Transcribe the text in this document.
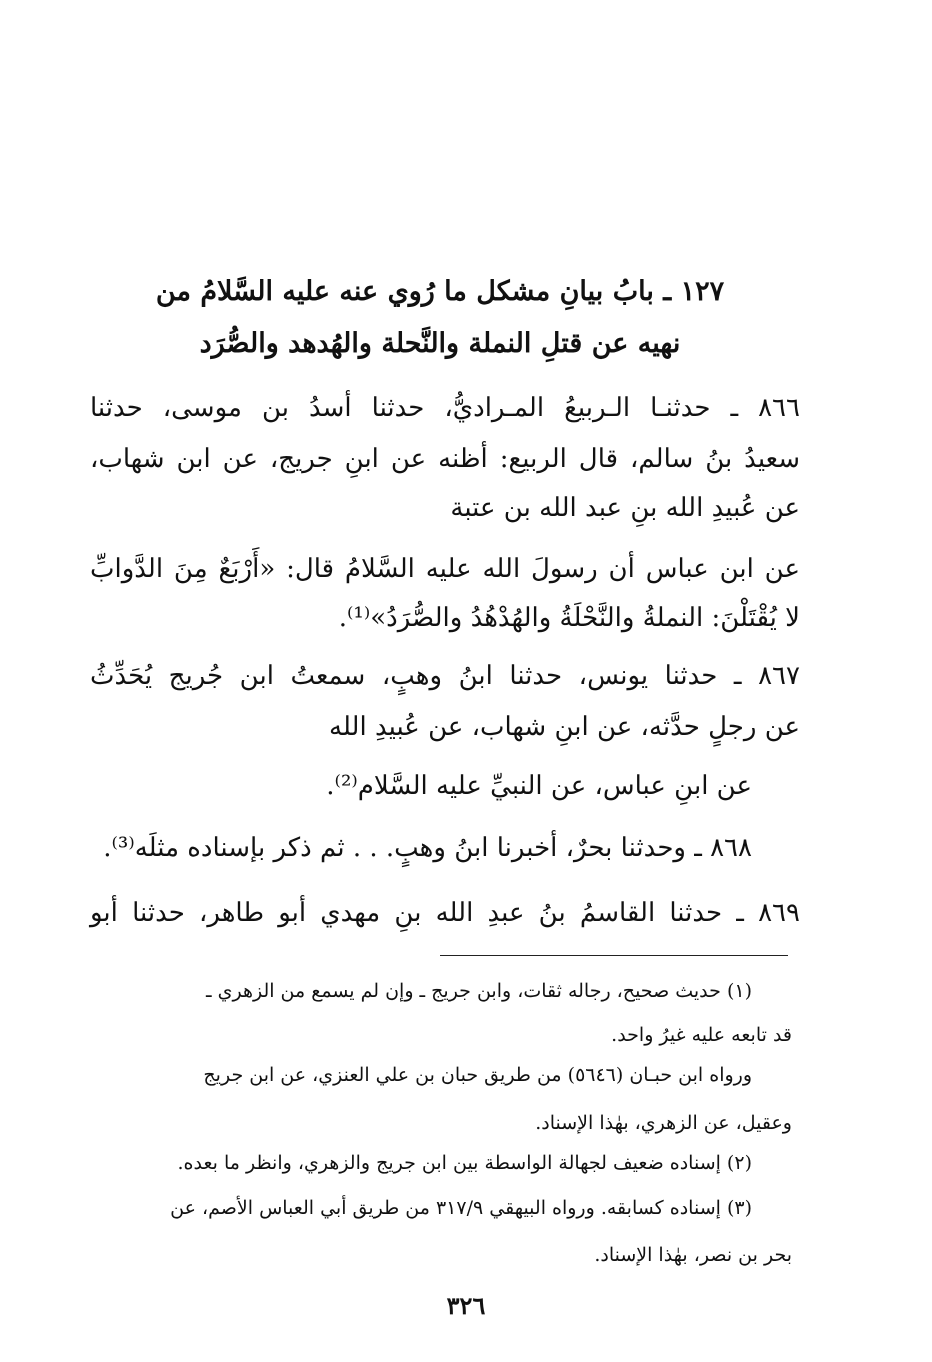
١٢٧ ـ بابُ بيانِ مشكل ما رُوي عنه عليه السَّلامُ من
نهيه عن قتلِ النملة والنَّحلة والهُدهد والصُّرَد
٨٦٦ ـ حدثنـا الـربيعُ المـراديُّ، حدثنا أسدُ بن موسى، حدثنا
سعيدُ بنُ سالم، قال الربيع: أظنه عن ابنِ جريج، عن ابن شهاب،
عن عُبيدِ الله بنِ عبد الله بن عتبة
عن ابن عباس أن رسولَ الله عليه السَّلامُ قال: «أَرْبَعٌ مِنَ الدَّوابِّ
لا يُقْتَلْنَ: النملةُ والنَّحْلَةُ والهُدْهُدُ والصُّرَدُ»⁽¹⁾.
٨٦٧ ـ حدثنا يونس، حدثنا ابنُ وهبٍ، سمعتُ ابن جُريج يُحَدِّثُ
عن رجلٍ حدَّثه، عن ابنِ شهاب، عن عُبيدِ الله
عن ابنِ عباس، عن النبيِّ عليه السَّلام⁽²⁾.
٨٦٨ ـ وحدثنا بحرٌ، أخبرنا ابنُ وهبٍ. . . ثم ذكر بإسناده مثلَه⁽³⁾.
٨٦٩ ـ حدثنا القاسمُ بنُ عبدِ الله بنِ مهدي أبو طاهر، حدثنا أبو
(١) حديث صحيح، رجاله ثقات، وابن جريج ـ وإن لم يسمع من الزهري ـ
قد تابعه عليه غيرُ واحد.
ورواه ابن حبـان (٥٦٤٦) من طريق حبان بن علي العنزي، عن ابن جريج
وعقيل، عن الزهري، بهٰذا الإسناد.
(٢) إسناده ضعيف لجهالة الواسطة بين ابن جريج والزهري، وانظر ما بعده.
(٣) إسناده كسابقه. ورواه البيهقي ٣١٧/٩ من طريق أبي العباس الأصم، عن
بحر بن نصر، بهٰذا الإسناد.
٣٢٦
